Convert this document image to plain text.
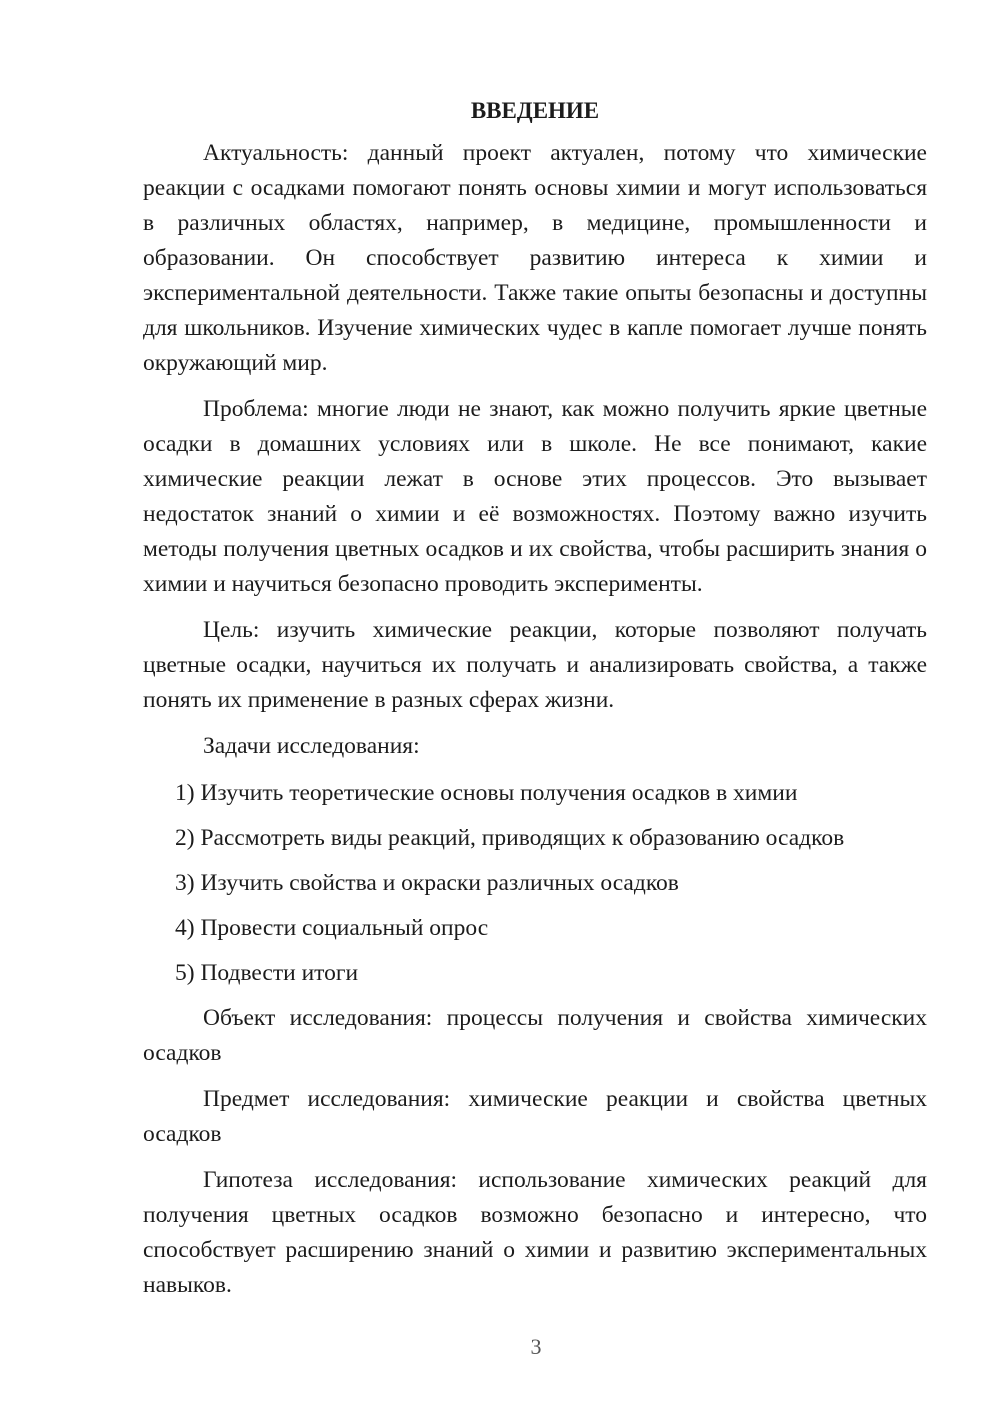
ВВЕДЕНИЕ

Актуальность: данный проект актуален, потому что химические реакции с осадками помогают понять основы химии и могут использоваться в различных областях, например, в медицине, промышленности и образовании. Он способствует развитию интереса к химии и экспериментальной деятельности. Также такие опыты безопасны и доступны для школьников. Изучение химических чудес в капле помогает лучше понять окружающий мир.

Проблема: многие люди не знают, как можно получить яркие цветные осадки в домашних условиях или в школе. Не все понимают, какие химические реакции лежат в основе этих процессов. Это вызывает недостаток знаний о химии и её возможностях. Поэтому важно изучить методы получения цветных осадков и их свойства, чтобы расширить знания о химии и научиться безопасно проводить эксперименты.

Цель: изучить химические реакции, которые позволяют получать цветные осадки, научиться их получать и анализировать свойства, а также понять их применение в разных сферах жизни.

Задачи исследования:
1) Изучить теоретические основы получения осадков в химии
2) Рассмотреть виды реакций, приводящих к образованию осадков
3) Изучить свойства и окраски различных осадков
4) Провести социальный опрос
5) Подвести итоги

Объект исследования: процессы получения и свойства химических осадков

Предмет исследования: химические реакции и свойства цветных осадков

Гипотеза исследования: использование химических реакций для получения цветных осадков возможно безопасно и интересно, что способствует расширению знаний о химии и развитию экспериментальных навыков.

3
